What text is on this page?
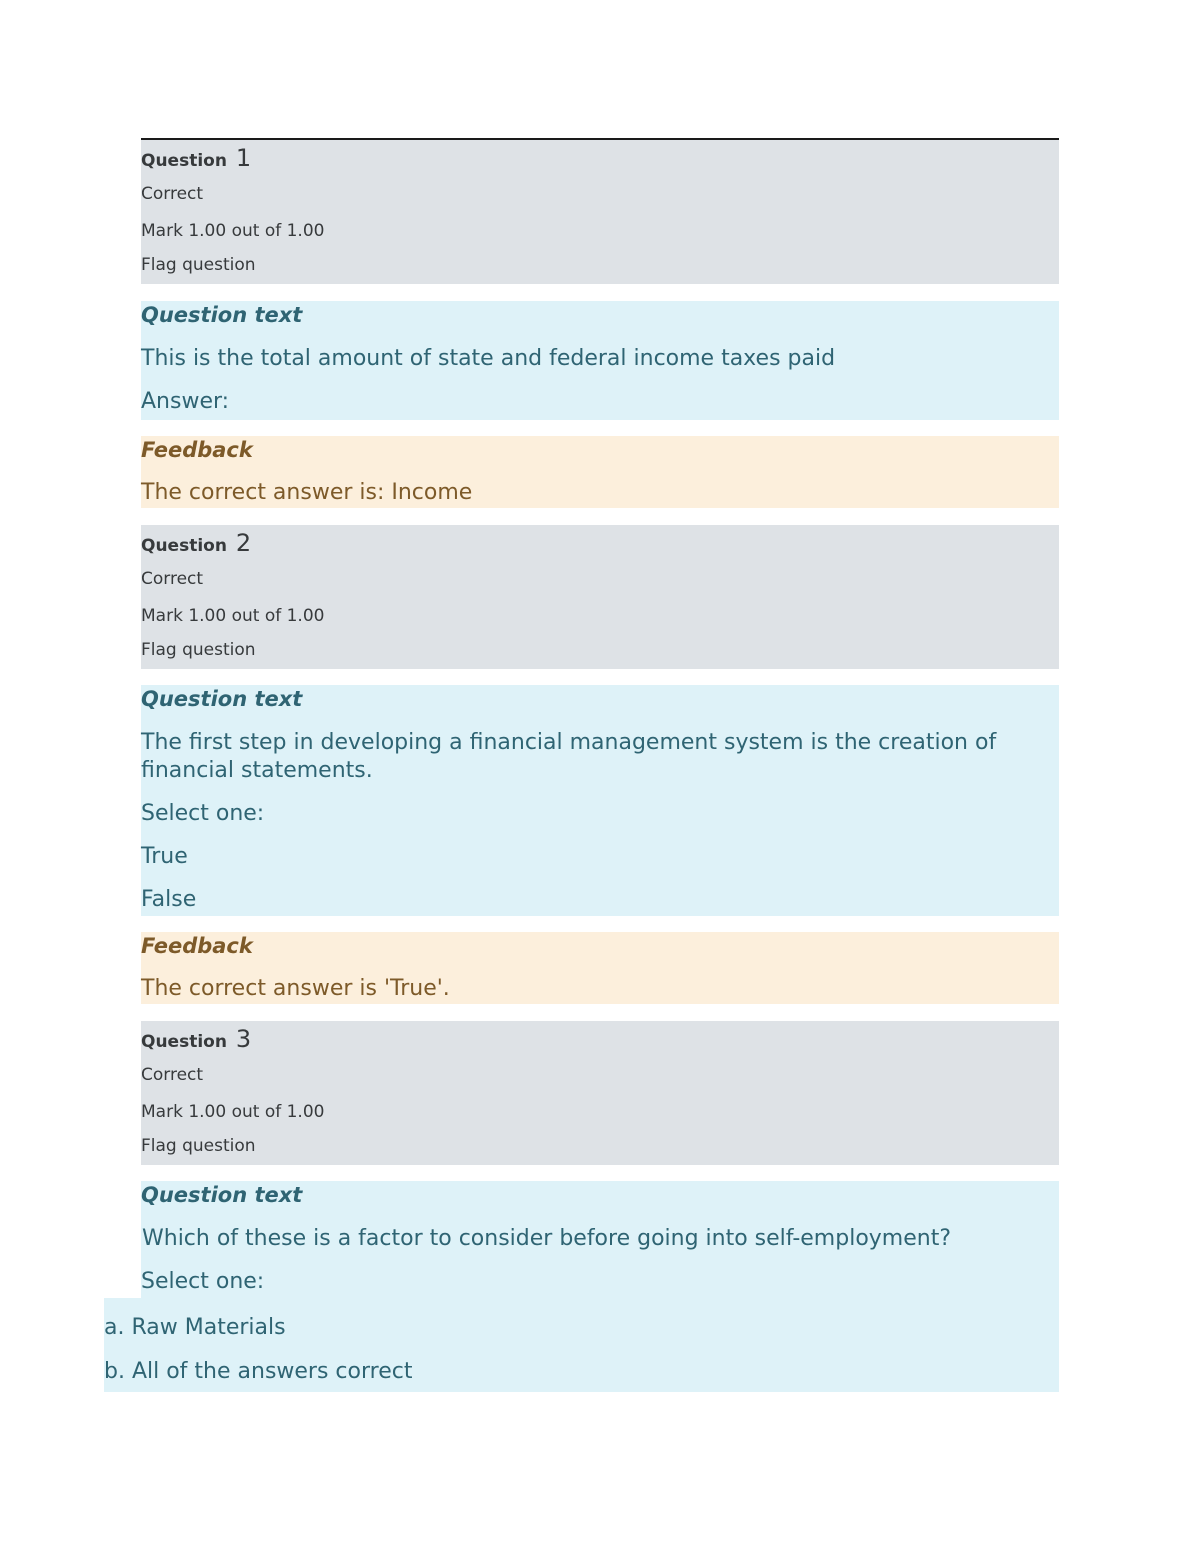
Question 1
Correct
Mark 1.00 out of 1.00
Flag question
Question text
This is the total amount of state and federal income taxes paid
Answer:
Feedback
The correct answer is: Income
Question 2
Correct
Mark 1.00 out of 1.00
Flag question
Question text
The first step in developing a financial management system is the creation of financial statements.
Select one:
True
False
Feedback
The correct answer is 'True'.
Question 3
Correct
Mark 1.00 out of 1.00
Flag question
Question text
Which of these is a factor to consider before going into self-employment?
Select one:
a. Raw Materials
b. All of the answers correct
